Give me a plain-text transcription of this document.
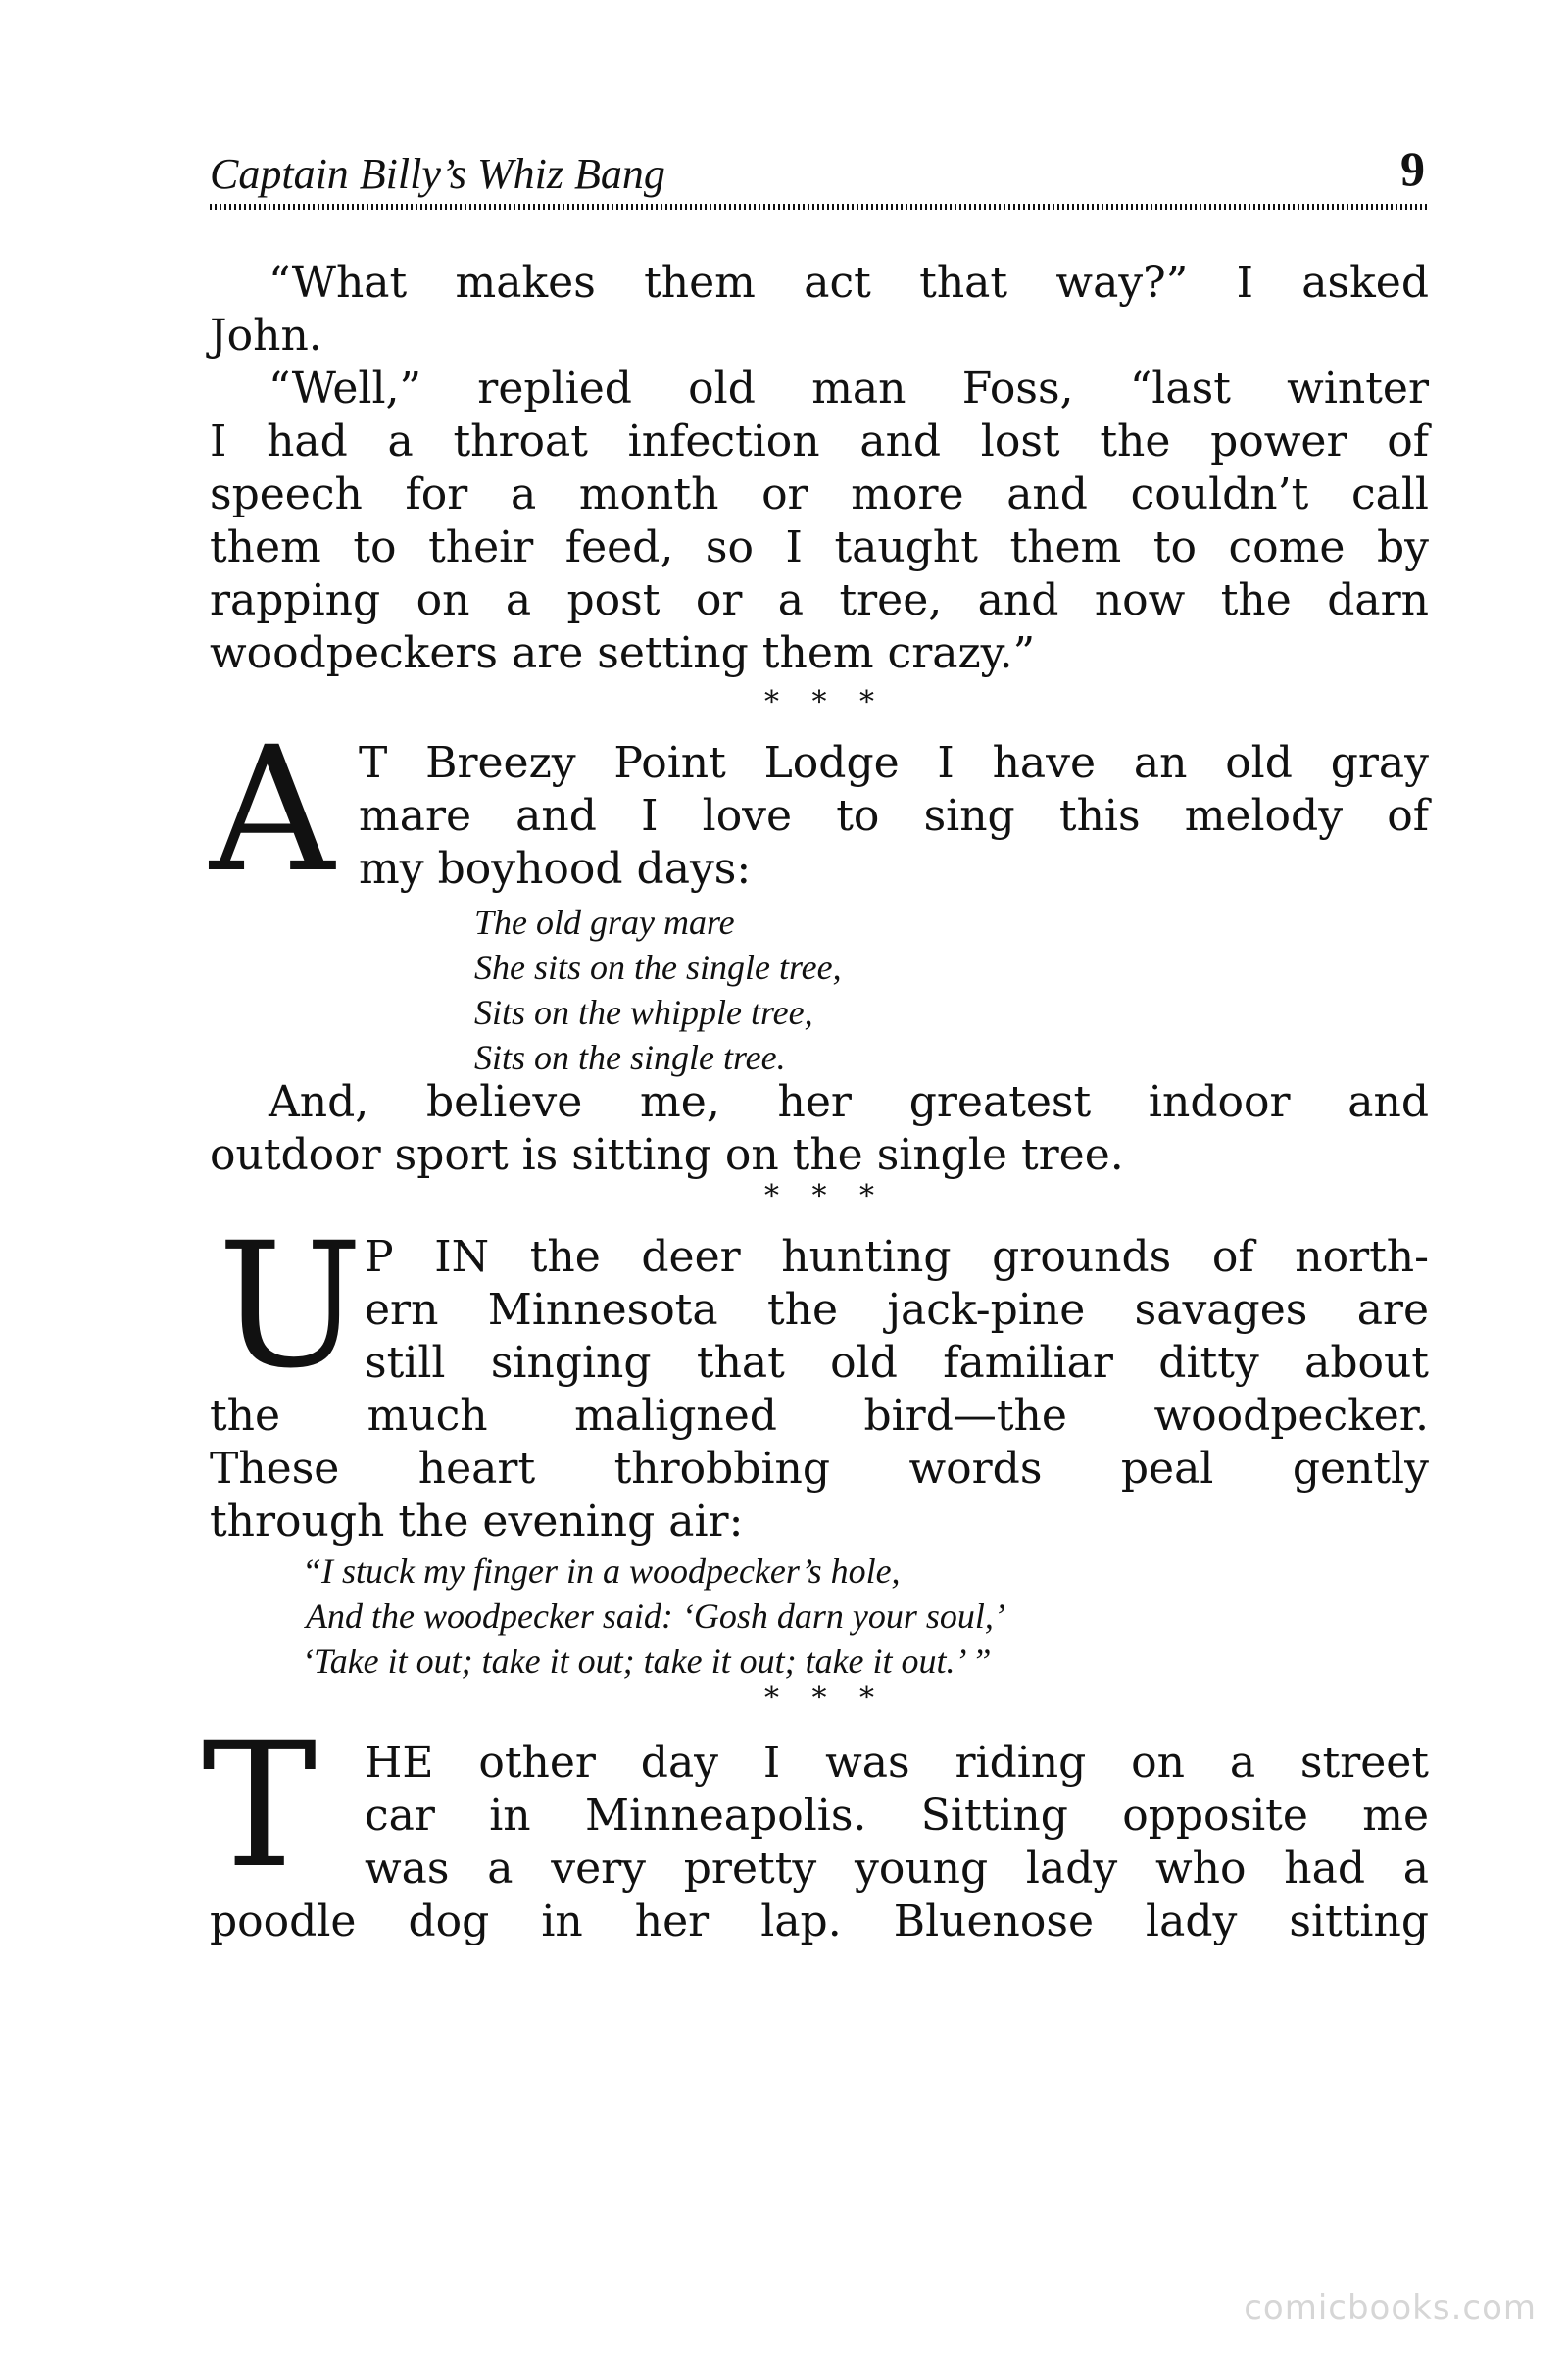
Captain Billy’s Whiz Bang	9

“What makes them act that way?” I asked

John.

“Well,” replied old man Foss, “last winter

I had a throat infection and lost the power of

speech for a month or more and couldn’t call

them to their feed, so I taught them to come by

rapping on a post or a tree, and now the darn

woodpeckers are setting them crazy.”

* * *
A T Breezy Point Lodge I have an old gray

mare and I love to sing this melody of

my boyhood days:

The old gray mare
She sits on the single tree,
Sits on the whipple tree,
Sits on the single tree.

And, believe me, her greatest indoor and

outdoor sport is sitting on the single tree.

* * *
U P IN the deer hunting grounds of north-

ern Minnesota the jack-pine savages are

still singing that old familiar ditty about

the much maligned bird—the woodpecker.

These heart throbbing words peal gently

through the evening air:

“I stuck my finger in a woodpecker’s hole,
And the woodpecker said: ‘Gosh darn your soul,’
‘Take it out; take it out; take it out; take it out.’ ”
* * *
T HE other day I was riding on a street

car in Minneapolis. Sitting opposite me

was a very pretty young lady who had a

poodle dog in her lap. Bluenose lady sitting

comicbooks.com
